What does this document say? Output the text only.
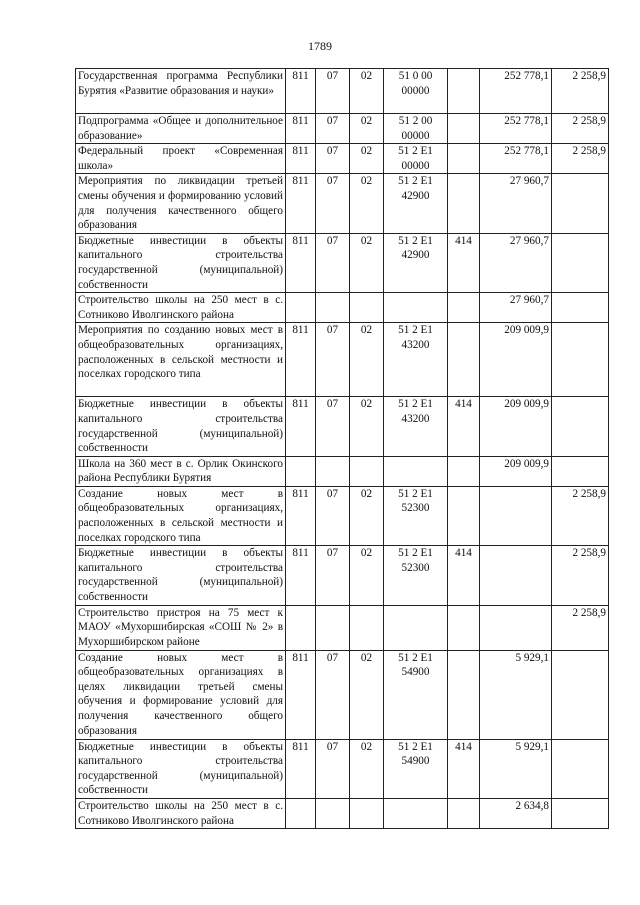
1789
Государственная программа Республики Бурятия «Развитие образования и науки»	811	07	02	51 0 00 00000		252 778,1	2 258,9
Подпрограмма «Общее и дополнительное образование»	811	07	02	51 2 00 00000		252 778,1	2 258,9
Федеральный проект «Современная школа»	811	07	02	51 2 E1 00000		252 778,1	2 258,9
Мероприятия по ликвидации третьей смены обучения и формированию условий для получения качественного общего образования	811	07	02	51 2 E1 42900		27 960,7	
Бюджетные инвестиции в объекты капитального строительства государственной (муниципальной) собственности	811	07	02	51 2 E1 42900	414	27 960,7	
Строительство школы на 250 мест в с. Сотниково Иволгинского района						27 960,7	
Мероприятия по созданию новых мест в общеобразовательных организациях, расположенных в сельской местности и поселках городского типа	811	07	02	51 2 E1 43200		209 009,9	
Бюджетные инвестиции в объекты капитального строительства государственной (муниципальной) собственности	811	07	02	51 2 E1 43200	414	209 009,9	
Школа на 360 мест в с. Орлик Окинского района Республики Бурятия						209 009,9	
Создание новых мест в общеобразовательных организациях, расположенных в сельской местности и поселках городского типа	811	07	02	51 2 E1 52300			2 258,9
Бюджетные инвестиции в объекты капитального строительства государственной (муниципальной) собственности	811	07	02	51 2 E1 52300	414		2 258,9
Строительство пристроя на 75 мест к МАОУ «Мухоршибирская «СОШ № 2» в Мухоршибирском районе							2 258,9
Создание новых мест в общеобразовательных организациях в целях ликвидации третьей смены обучения и формирование условий для получения качественного общего образования	811	07	02	51 2 E1 54900		5 929,1	
Бюджетные инвестиции в объекты капитального строительства государственной (муниципальной) собственности	811	07	02	51 2 E1 54900	414	5 929,1	
Строительство школы на 250 мест в с. Сотниково Иволгинского района						2 634,8	
